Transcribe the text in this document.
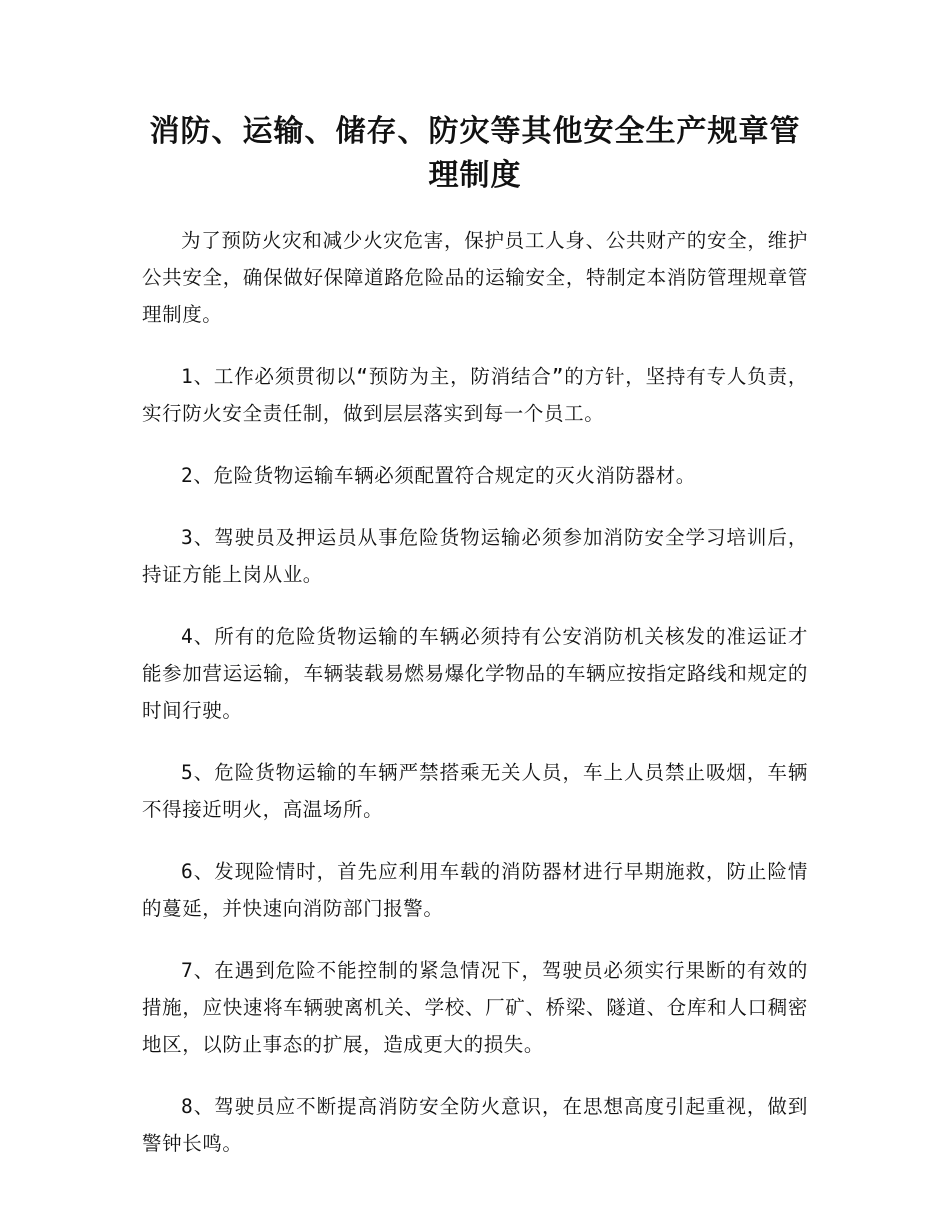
消防、运输、储存、防灾等其他安全生产规章管
理制度

为了预防火灾和减少火灾危害，保护员工人身、公共财产的安全，维护公共安全，确保做好保障道路危险品的运输安全，特制定本消防管理规章管理制度。

1、工作必须贯彻以“预防为主，防消结合”的方针，坚持有专人负责，实行防火安全责任制，做到层层落实到每一个员工。

2、危险货物运输车辆必须配置符合规定的灭火消防器材。

3、驾驶员及押运员从事危险货物运输必须参加消防安全学习培训后，持证方能上岗从业。

4、所有的危险货物运输的车辆必须持有公安消防机关核发的准运证才能参加营运运输，车辆装载易燃易爆化学物品的车辆应按指定路线和规定的时间行驶。

5、危险货物运输的车辆严禁搭乘无关人员，车上人员禁止吸烟，车辆不得接近明火，高温场所。

6、发现险情时，首先应利用车载的消防器材进行早期施救，防止险情的蔓延，并快速向消防部门报警。

7、在遇到危险不能控制的紧急情况下，驾驶员必须实行果断的有效的措施，应快速将车辆驶离机关、学校、厂矿、桥梁、隧道、仓库和人口稠密地区，以防止事态的扩展，造成更大的损失。

8、驾驶员应不断提高消防安全防火意识，在思想高度引起重视，做到警钟长鸣。
